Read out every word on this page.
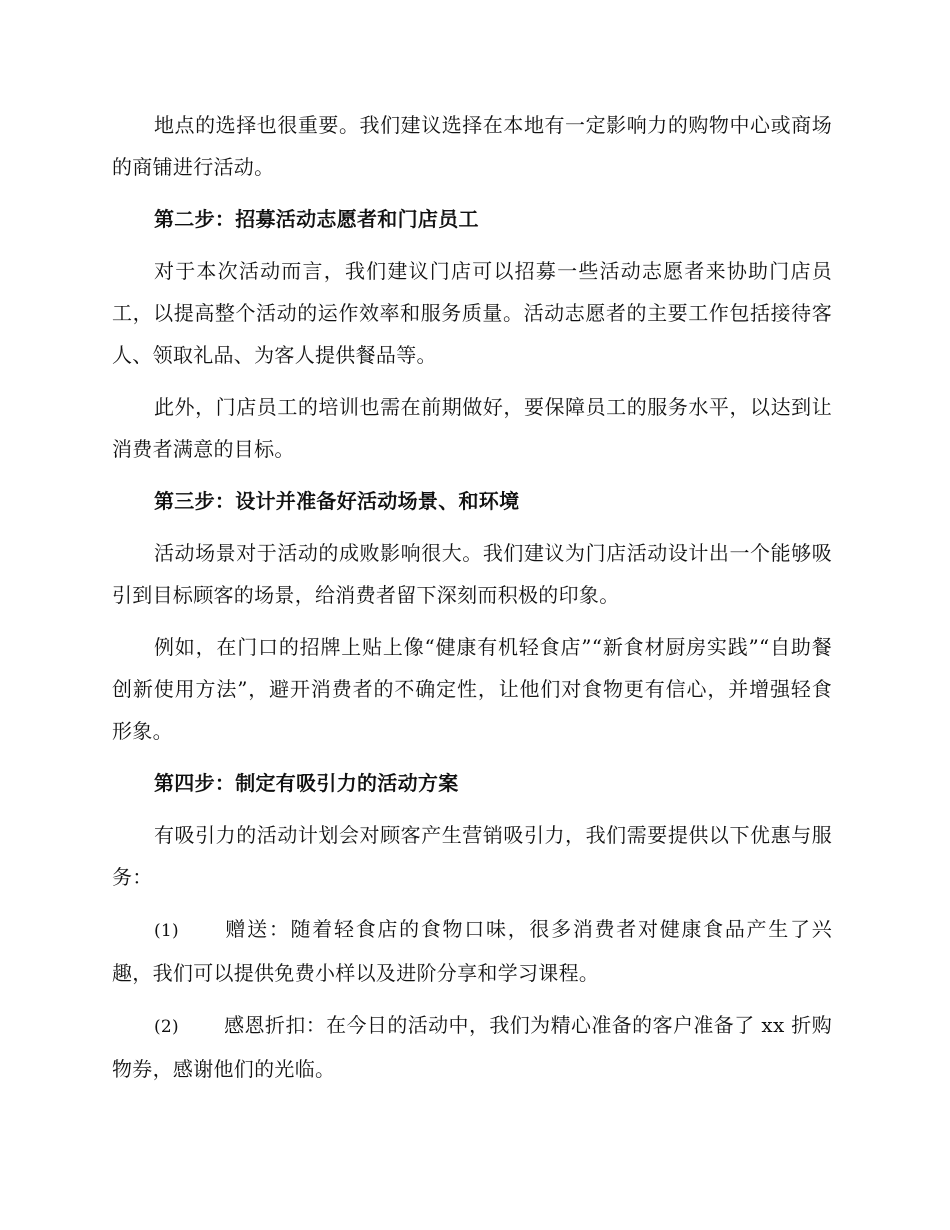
地点的选择也很重要。我们建议选择在本地有一定影响力的购物中心或商场的商铺进行活动。

第二步：招募活动志愿者和门店员工

对于本次活动而言，我们建议门店可以招募一些活动志愿者来协助门店员工，以提高整个活动的运作效率和服务质量。活动志愿者的主要工作包括接待客人、领取礼品、为客人提供餐品等。

此外，门店员工的培训也需在前期做好，要保障员工的服务水平，以达到让消费者满意的目标。

第三步：设计并准备好活动场景、和环境

活动场景对于活动的成败影响很大。我们建议为门店活动设计出一个能够吸引到目标顾客的场景，给消费者留下深刻而积极的印象。

例如，在门口的招牌上贴上像“健康有机轻食店”“新食材厨房实践”“自助餐创新使用方法”，避开消费者的不确定性，让他们对食物更有信心，并增强轻食形象。

第四步：制定有吸引力的活动方案

有吸引力的活动计划会对顾客产生营销吸引力，我们需要提供以下优惠与服务：

(1) 赠送：随着轻食店的食物口味，很多消费者对健康食品产生了兴趣，我们可以提供免费小样以及进阶分享和学习课程。

(2) 感恩折扣：在今日的活动中，我们为精心准备的客户准备了 xx 折购物券，感谢他们的光临。
